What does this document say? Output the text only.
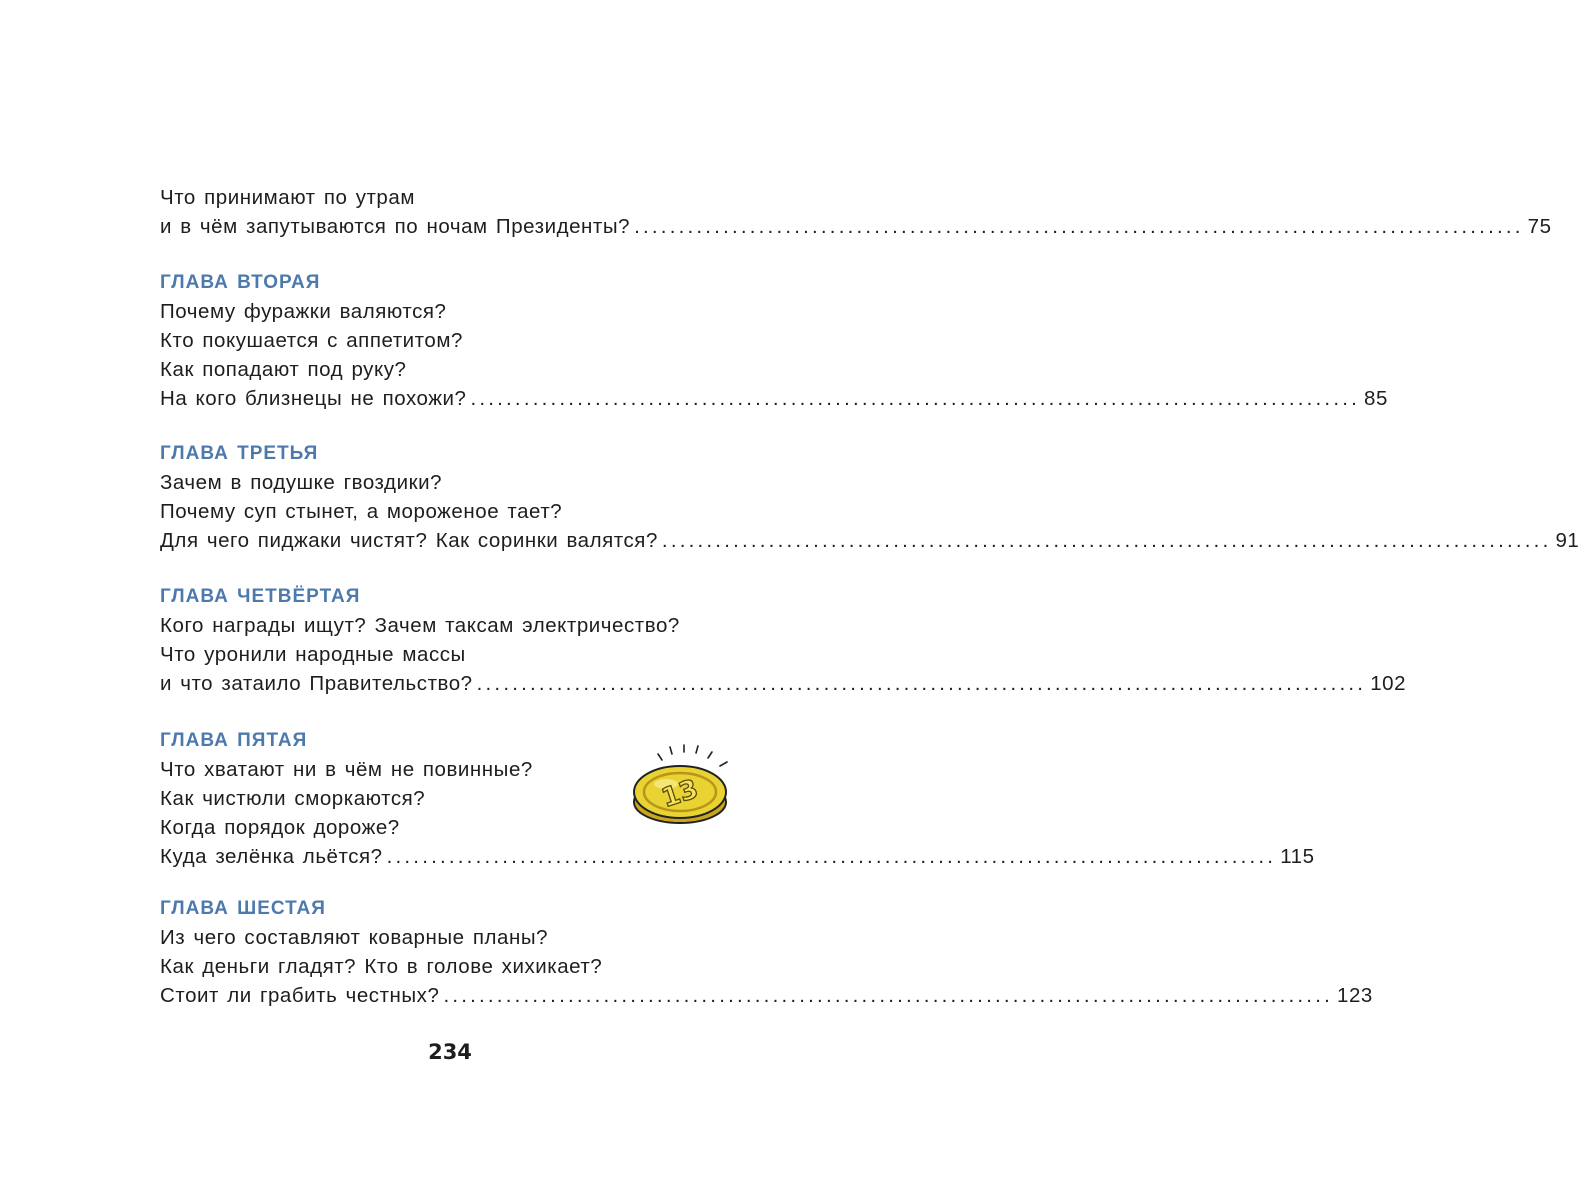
Что принимают по утрам
и в чём запутываются по ночам Президенты? .................................................................................................... 75
ГЛАВА ВТОРАЯ
Почему фуражки валяются?
Кто покушается с аппетитом?
Как попадают под руку?
На кого близнецы не похожи? .................................................................................................... 85
ГЛАВА ТРЕТЬЯ
Зачем в подушке гвоздики?
Почему суп стынет, а мороженое тает?
Для чего пиджаки чистят? Как соринки валятся? .................................................................................................... 91
ГЛАВА ЧЕТВЁРТАЯ
Кого награды ищут? Зачем таксам электричество?
Что уронили народные массы
и что затаило Правительство? .................................................................................................... 102
ГЛАВА ПЯТАЯ
Что хватают ни в чём не повинные?
Как чистюли сморкаются?
Когда порядок дороже?
Куда зелёнка льётся? .................................................................................................... 115
ГЛАВА ШЕСТАЯ
Из чего составляют коварные планы?
Как деньги гладят? Кто в голове хихикает?
Стоит ли грабить честных? .................................................................................................... 123
13
234
